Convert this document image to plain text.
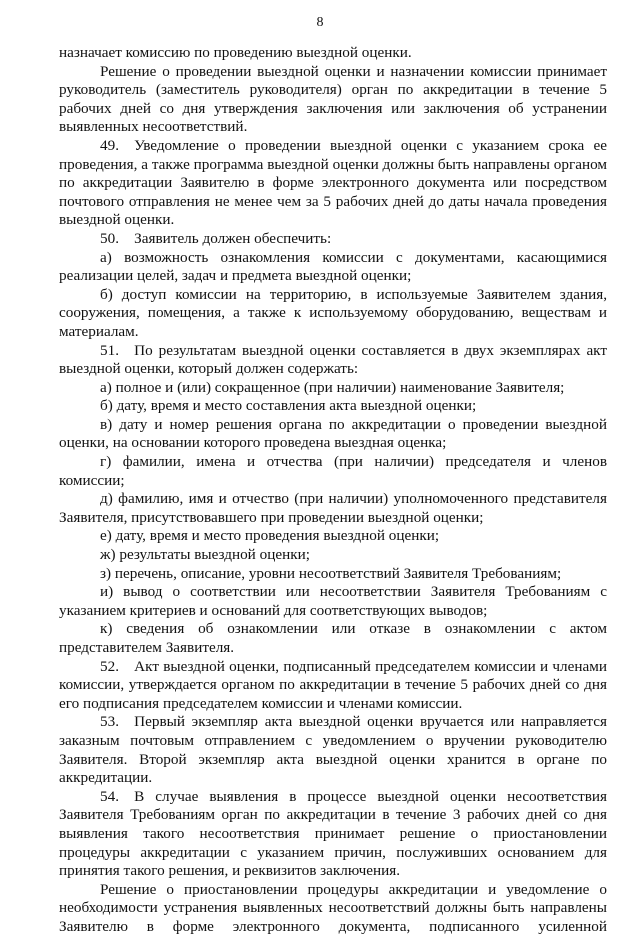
8

назначает комиссию по проведению выездной оценки.

Решение о проведении выездной оценки и назначении комиссии принимает руководитель (заместитель руководителя) орган по аккредитации в течение 5 рабочих дней со дня утверждения заключения или заключения об устранении выявленных несоответствий.

49. Уведомление о проведении выездной оценки с указанием срока ее проведения, а также программа выездной оценки должны быть направлены органом по аккредитации Заявителю в форме электронного документа или посредством почтового отправления не менее чем за 5 рабочих дней до даты начала проведения выездной оценки.

50. Заявитель должен обеспечить:

а) возможность ознакомления комиссии с документами, касающимися реализации целей, задач и предмета выездной оценки;

б) доступ комиссии на территорию, в используемые Заявителем здания, сооружения, помещения, а также к используемому оборудованию, веществам и материалам.

51. По результатам выездной оценки составляется в двух экземплярах акт выездной оценки, который должен содержать:

а) полное и (или) сокращенное (при наличии) наименование Заявителя;

б) дату, время и место составления акта выездной оценки;

в) дату и номер решения органа по аккредитации о проведении выездной оценки, на основании которого проведена выездная оценка;

г) фамилии, имена и отчества (при наличии) председателя и членов комиссии;

д) фамилию, имя и отчество (при наличии) уполномоченного представителя Заявителя, присутствовавшего при проведении выездной оценки;

е) дату, время и место проведения выездной оценки;

ж) результаты выездной оценки;

з) перечень, описание, уровни несоответствий Заявителя Требованиям;

и) вывод о соответствии или несоответствии Заявителя Требованиям с указанием критериев и оснований для соответствующих выводов;

к) сведения об ознакомлении или отказе в ознакомлении с актом представителем Заявителя.

52. Акт выездной оценки, подписанный председателем комиссии и членами комиссии, утверждается органом по аккредитации в течение 5 рабочих дней со дня его подписания председателем комиссии и членами комиссии.

53. Первый экземпляр акта выездной оценки вручается или направляется заказным почтовым отправлением с уведомлением о вручении руководителю Заявителя. Второй экземпляр акта выездной оценки хранится в органе по аккредитации.

54. В случае выявления в процессе выездной оценки несоответствия Заявителя Требованиям орган по аккредитации в течение 3 рабочих дней со дня выявления такого несоответствия принимает решение о приостановлении процедуры аккредитации с указанием причин, послуживших основанием для принятия такого решения, и реквизитов заключения.

Решение о приостановлении процедуры аккредитации и уведомление о необходимости устранения выявленных несоответствий должны быть направлены Заявителю в форме электронного документа, подписанного усиленной
